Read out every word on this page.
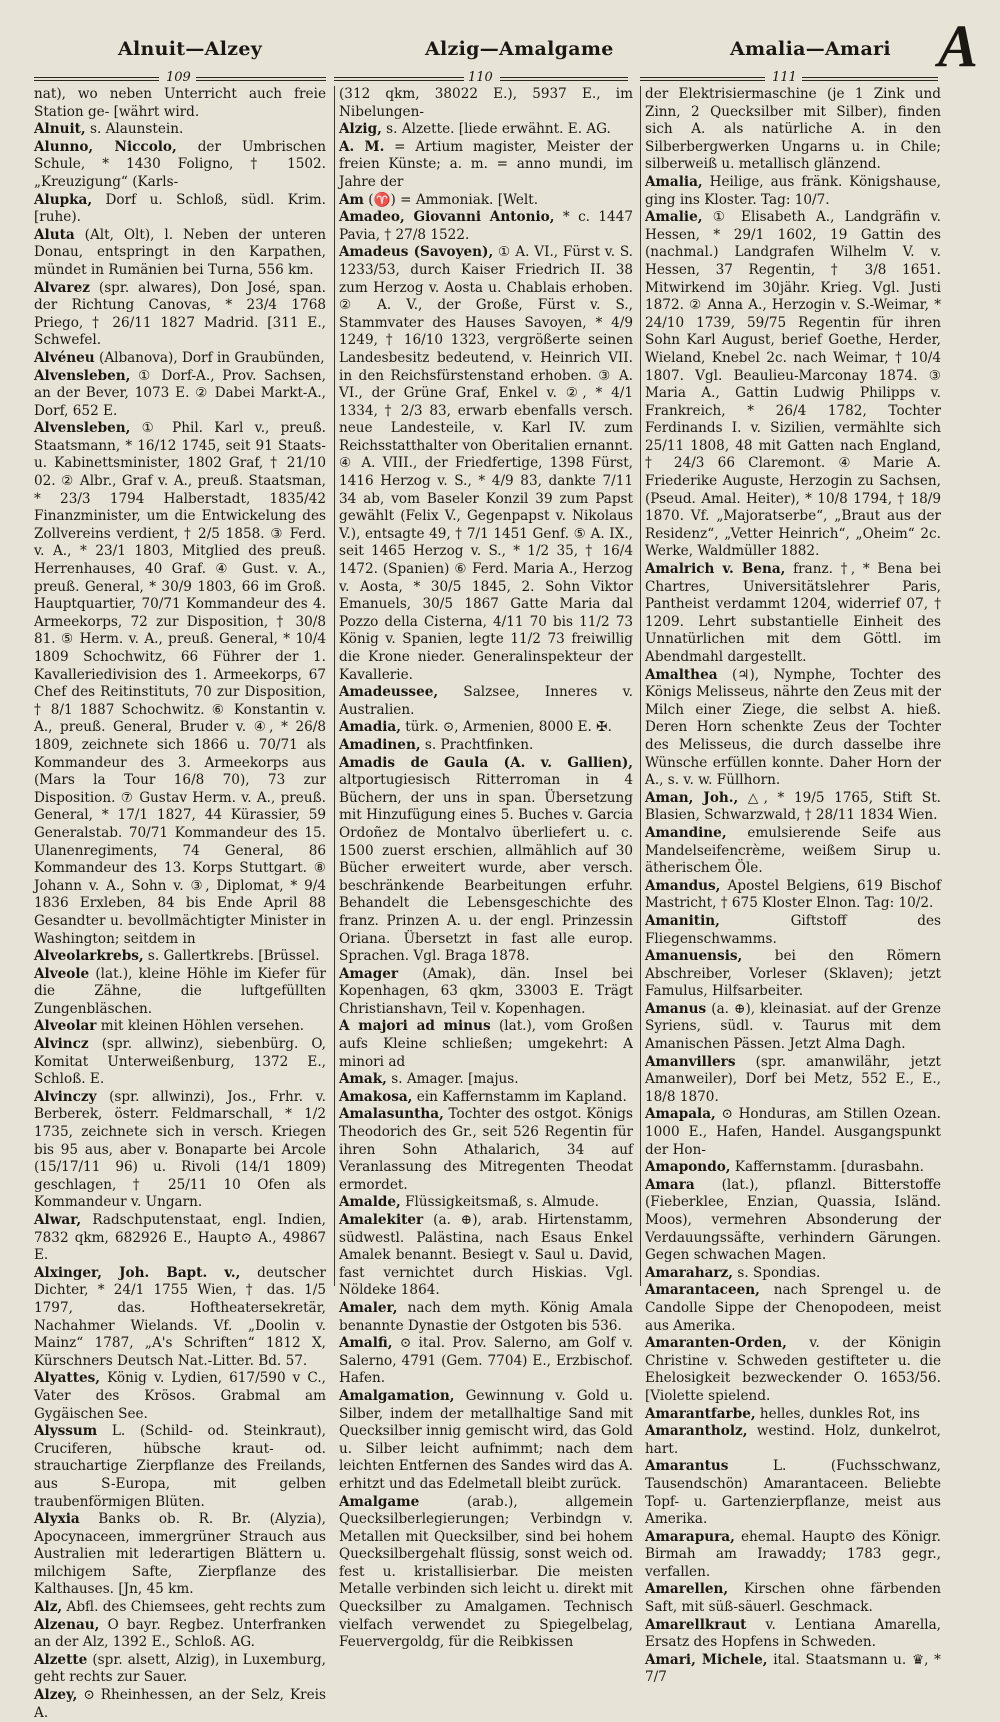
Alnuit—Alzey	Alzig—Amalgame	Amalia—Amari
109	110	111 A

nat), wo neben Unterricht auch freie Station ge- [währt wird.

Alnuit, s. Alaunstein.

Alunno, Niccolo, der Umbrischen Schule, * 1430 Foligno, † 1502. „Kreuzigung“ (Karls-

Alupka, Dorf u. Schloß, südl. Krim. [ruhe).

Aluta (Alt, Olt), l. Neben der unteren Donau, entspringt in den Karpathen, mündet in Rumänien bei Turna, 556 km.

Alvarez (spr. alwares), Don José, span. der Richtung Canovas, * 23/4 1768 Priego, † 26/11 1827 Madrid. [311 E., Schwefel.

Alvéneu (Albanova), Dorf in Graubünden,

Alvensleben, ① Dorf-A., Prov. Sachsen, an der Bever, 1073 E. ② Dabei Markt-A., Dorf, 652 E.

Alvensleben, ① Phil. Karl v., preuß. Staatsmann, * 16/12 1745, seit 91 Staats- u. Kabinettsminister, 1802 Graf, † 21/10 02. ② Albr., Graf v. A., preuß. Staatsman, * 23/3 1794 Halberstadt, 1835/42 Finanzminister, um die Entwickelung des Zollvereins verdient, † 2/5 1858. ③ Ferd. v. A., * 23/1 1803, Mitglied des preuß. Herrenhauses, 40 Graf. ④ Gust. v. A., preuß. General, * 30/9 1803, 66 im Groß. Hauptquartier, 70/71 Kommandeur des 4. Armeekorps, 72 zur Disposition, † 30/8 81. ⑤ Herm. v. A., preuß. General, * 10/4 1809 Schochwitz, 66 Führer der 1. Kavalleriedivision des 1. Armeekorps, 67 Chef des Reitinstituts, 70 zur Disposition, † 8/1 1887 Schochwitz. ⑥ Konstantin v. A., preuß. General, Bruder v. ④, * 26/8 1809, zeichnete sich 1866 u. 70/71 als Kommandeur des 3. Armeekorps aus (Mars la Tour 16/8 70), 73 zur Disposition. ⑦ Gustav Herm. v. A., preuß. General, * 17/1 1827, 44 Kürassier, 59 Generalstab. 70/71 Kommandeur des 15. Ulanenregiments, 74 General, 86 Kommandeur des 13. Korps Stuttgart. ⑧ Johann v. A., Sohn v. ③, Diplomat, * 9/4 1836 Erxleben, 84 bis Ende April 88 Gesandter u. bevollmächtigter Minister in Washington; seitdem in

Alveolarkrebs, s. Gallertkrebs. [Brüssel.

Alveole (lat.), kleine Höhle im Kiefer für die Zähne, die luftgefüllten Zungenbläschen.

Alveolar mit kleinen Höhlen versehen.

Alvincz (spr. allwinz), siebenbürg. O, Komitat Unterweißenburg, 1372 E., Schloß. E.

Alvinczy (spr. allwinzi), Jos., Frhr. v. Berberek, österr. Feldmarschall, * 1/2 1735, zeichnete sich in versch. Kriegen bis 95 aus, aber v. Bonaparte bei Arcole (15/17/11 96) u. Rivoli (14/1 1809) geschlagen, † 25/11 10 Ofen als Kommandeur v. Ungarn.

Alwar, Radschputenstaat, engl. Indien, 7832 qkm, 682926 E., Haupt⊙ A., 49867 E.

Alxinger, Joh. Bapt. v., deutscher Dichter, * 24/1 1755 Wien, † das. 1/5 1797, das. Hoftheatersekretär, Nachahmer Wielands. Vf. „Doolin v. Mainz“ 1787, „A's Schriften“ 1812 X, Kürschners Deutsch Nat.-Litter. Bd. 57.

Alyattes, König v. Lydien, 617/590 v C., Vater des Krösos. Grabmal am Gygäischen See.

Alyssum L. (Schild- od. Steinkraut), Cruciferen, hübsche kraut- od. strauchartige Zierpflanze des Freilands, aus S-Europa, mit gelben traubenförmigen Blüten.

Alyxia Banks ob. R. Br. (Alyzia), Apocynaceen, immergrüner Strauch aus Australien mit lederartigen Blättern u. milchigem Safte, Zierpflanze des Kalthauses. [Jn, 45 km.

Alz, Abfl. des Chiemsees, geht rechts zum

Alzenau, O bayr. Regbez. Unterfranken an der Alz, 1392 E., Schloß. AG.

Alzette (spr. alsett, Alzig), in Luxemburg, geht rechts zur Sauer.

Alzey, ⊙ Rheinhessen, an der Selz, Kreis A.

(312 qkm, 38022 E.), 5937 E., im Nibelungen-

Alzig, s. Alzette. [liede erwähnt. E. AG.

A. M. = Artium magister, Meister der freien Künste; a. m. = anno mundi, im Jahre der

Am (♈) = Ammoniak. [Welt.

Amadeo, Giovanni Antonio, * c. 1447 Pavia, † 27/8 1522.

Amadeus (Savoyen), ① A. VI., Fürst v. S. 1233/53, durch Kaiser Friedrich II. 38 zum Herzog v. Aosta u. Chablais erhoben. ② A. V., der Große, Fürst v. S., Stammvater des Hauses Savoyen, * 4/9 1249, † 16/10 1323, vergrößerte seinen Landesbesitz bedeutend, v. Heinrich VII. in den Reichsfürstenstand erhoben. ③ A. VI., der Grüne Graf, Enkel v. ②, * 4/1 1334, † 2/3 83, erwarb ebenfalls versch. neue Landesteile, v. Karl IV. zum Reichsstatthalter von Oberitalien ernannt. ④ A. VIII., der Friedfertige, 1398 Fürst, 1416 Herzog v. S., * 4/9 83, dankte 7/11 34 ab, vom Baseler Konzil 39 zum Papst gewählt (Felix V., Gegenpapst v. Nikolaus V.), entsagte 49, † 7/1 1451 Genf. ⑤ A. IX., seit 1465 Herzog v. S., * 1/2 35, † 16/4 1472. (Spanien) ⑥ Ferd. Maria A., Herzog v. Aosta, * 30/5 1845, 2. Sohn Viktor Emanuels, 30/5 1867 Gatte Maria dal Pozzo della Cisterna, 4/11 70 bis 11/2 73 König v. Spanien, legte 11/2 73 freiwillig die Krone nieder. Generalinspekteur der Kavallerie.

Amadeussee, Salzsee, Inneres v. Australien.

Amadia, türk. ⊙, Armenien, 8000 E. ✠.

Amadinen, s. Prachtfinken.

Amadis de Gaula (A. v. Gallien), altportugiesisch Ritterroman in 4 Büchern, der uns in span. Übersetzung mit Hinzufügung eines 5. Buches v. Garcia Ordoñez de Montalvo überliefert u. c. 1500 zuerst erschien, allmählich auf 30 Bücher erweitert wurde, aber versch. beschränkende Bearbeitungen erfuhr. Behandelt die Lebensgeschichte des franz. Prinzen A. u. der engl. Prinzessin Oriana. Übersetzt in fast alle europ. Sprachen. Vgl. Braga 1878.

Amager (Amak), dän. Insel bei Kopenhagen, 63 qkm, 33003 E. Trägt Christianshavn, Teil v. Kopenhagen.

A majori ad minus (lat.), vom Großen aufs Kleine schließen; umgekehrt: A minori ad

Amak, s. Amager. [majus.

Amakosa, ein Kaffernstamm im Kapland.

Amalasuntha, Tochter des ostgot. Königs Theodorich des Gr., seit 526 Regentin für ihren Sohn Athalarich, 34 auf Veranlassung des Mitregenten Theodat ermordet.

Amalde, Flüssigkeitsmaß, s. Almude.

Amalekiter (a. ⊕), arab. Hirtenstamm, südwestl. Palästina, nach Esaus Enkel Amalek benannt. Besiegt v. Saul u. David, fast vernichtet durch Hiskias. Vgl. Nöldeke 1864.

Amaler, nach dem myth. König Amala benannte Dynastie der Ostgoten bis 536.

Amalfi, ⊙ ital. Prov. Salerno, am Golf v. Salerno, 4791 (Gem. 7704) E., Erzbischof. Hafen.

Amalgamation, Gewinnung v. Gold u. Silber, indem der metallhaltige Sand mit Quecksilber innig gemischt wird, das Gold u. Silber leicht aufnimmt; nach dem leichten Entfernen des Sandes wird das A. erhitzt und das Edelmetall bleibt zurück.

Amalgame	(arab.), allgemein Quecksilberlegierungen; Verbindgn v. Metallen mit Quecksilber, sind bei hohem Quecksilbergehalt flüssig, sonst weich od. fest u. kristallisierbar. Die meisten Metalle verbinden sich leicht u. direkt mit Quecksilber zu Amalgamen. Technisch vielfach verwendet zu Spiegelbelag, Feuervergoldg, für die Reibkissen

der Elektrisiermaschine (je 1 Zink und Zinn, 2 Quecksilber mit Silber), finden sich A. als natürliche A. in den Silberbergwerken Ungarns u. in Chile; silberweiß u. metallisch glänzend.

Amalia, Heilige, aus fränk. Königshause, ging ins Kloster. Tag: 10/7.

Amalie, ① Elisabeth A., Landgräfin v. Hessen, * 29/1 1602, 19 Gattin des (nachmal.) Landgrafen Wilhelm V. v. Hessen, 37 Regentin, † 3/8 1651. Mitwirkend im 30jähr. Krieg. Vgl. Justi 1872. ② Anna A., Herzogin v. S.-Weimar, * 24/10 1739, 59/75 Regentin für ihren Sohn Karl August, berief Goethe, Herder, Wieland, Knebel 2c. nach Weimar, † 10/4 1807. Vgl. Beaulieu-Marconay 1874. ③ Maria A., Gattin Ludwig Philipps v. Frankreich, * 26/4 1782, Tochter Ferdinands I. v. Sizilien, vermählte sich 25/11 1808, 48 mit Gatten nach England, † 24/3 66 Claremont. ④ Marie A. Friederike Auguste, Herzogin zu Sachsen, (Pseud. Amal. Heiter), * 10/8 1794, † 18/9 1870. Vf. „Majoratserbe“, „Braut aus der Residenz“, „Vetter Heinrich“, „Oheim“ 2c. Werke, Waldmüller 1882.

Amalrich v. Bena, franz. †, * Bena bei Chartres, Universitätslehrer Paris, Pantheist verdammt 1204, widerrief 07, † 1209. Lehrt substantielle Einheit des Unnatürlichen mit dem Göttl. im Abendmahl dargestellt.

Amalthea (♃), Nymphe, Tochter des Königs Melisseus, nährte den Zeus mit der Milch einer Ziege, die selbst A. hieß. Deren Horn schenkte Zeus der Tochter des Melisseus, die durch dasselbe ihre Wünsche erfüllen konnte. Daher Horn der A., s. v. w. Füllhorn.

Aman, Joh., △, * 19/5 1765, Stift St. Blasien, Schwarzwald, † 28/11 1834 Wien.

Amandine, emulsierende Seife aus Mandelseifencrème, weißem Sirup u. ätherischem Öle.

Amandus, Apostel Belgiens, 619 Bischof Mastricht, † 675 Kloster Elnon. Tag: 10/2.

Amanitin,	Giftstoff des Fliegenschwamms.

Amanuensis, bei den Römern Abschreiber, Vorleser (Sklaven); jetzt Famulus, Hilfsarbeiter.

Amanus (a. ⊕), kleinasiat. auf der Grenze Syriens, südl. v. Taurus mit dem Amanischen Pässen. Jetzt Alma Dagh.

Amanvillers (spr. amanwilähr, jetzt Amanweiler), Dorf bei Metz, 552 E., E., 18/8 1870.

Amapala, ⊙ Honduras, am Stillen Ozean. 1000 E., Hafen, Handel. Ausgangspunkt der Hon-

Amapondo, Kaffernstamm. [durasbahn.

Amara (lat.), pflanzl. Bitterstoffe (Fieberklee, Enzian, Quassia, Isländ. Moos), vermehren Absonderung der Verdauungssäfte, verhindern Gärungen. Gegen schwachen Magen.

Amaraharz, s. Spondias.

Amarantaceen, nach Sprengel u. de Candolle Sippe der Chenopodeen, meist aus Amerika.

Amaranten-Orden, v. der Königin Christine v. Schweden gestifteter u. die Ehelosigkeit bezweckender O. 1653/56. [Violette spielend.

Amarantfarbe, helles, dunkles Rot, ins

Amarantholz, westind. Holz, dunkelrot, hart.

Amarantus	L. (Fuchsschwanz, Tausendschön) Amarantaceen. Beliebte Topf- u. Gartenzierpflanze, meist aus Amerika.

Amarapura, ehemal. Haupt⊙ des Königr. Birmah am Irawaddy; 1783 gegr., verfallen.

Amarellen, Kirschen ohne färbenden Saft, mit süß-säuerl. Geschmack.

Amarellkraut v. Lentiana Amarella, Ersatz des Hopfens in Schweden.

Amari, Michele, ital. Staatsmann u. ♛, * 7/7
